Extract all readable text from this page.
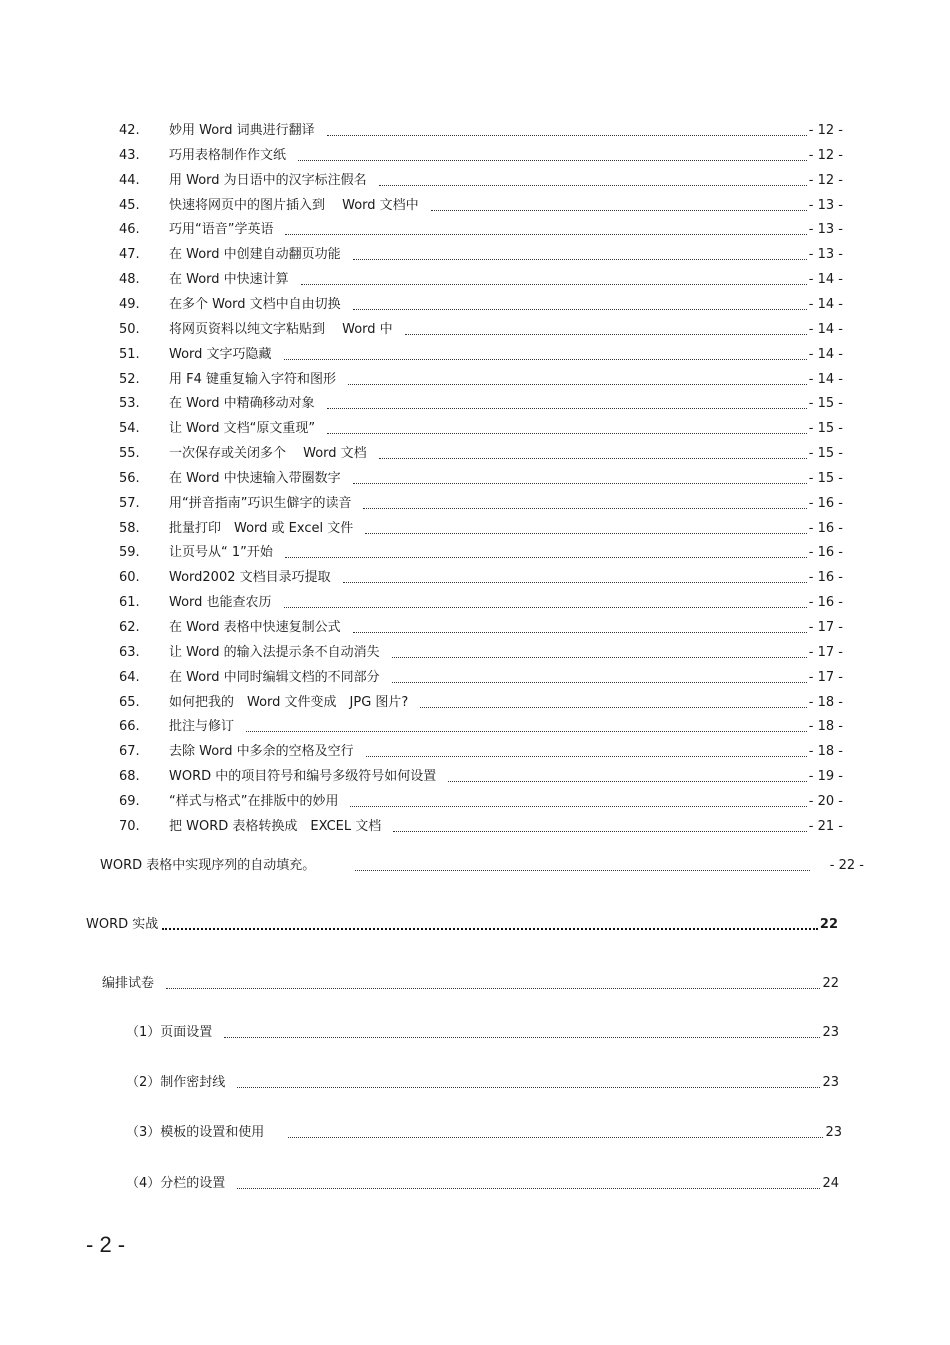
42.	妙用 Word 词典进行翻译	- 12 -
43.	巧用表格制作作文纸	- 12 -
44.	用 Word 为日语中的汉字标注假名	- 12 -
45.	快速将网页中的图片插入到　 Word 文档中	- 13 -
46.	巧用“语音”学英语	- 13 -
47.	在 Word 中创建自动翻页功能	- 13 -
48.	在 Word 中快速计算	- 14 -
49.	在多个 Word 文档中自由切换	- 14 -
50.	将网页资料以纯文字粘贴到　 Word 中	- 14 -
51.	Word 文字巧隐藏	- 14 -
52.	用 F4 键重复输入字符和图形	- 14 -
53.	在 Word 中精确移动对象	- 15 -
54.	让 Word 文档“原文重现”	- 15 -
55.	一次保存或关闭多个　 Word 文档	- 15 -
56.	在 Word 中快速输入带圈数字	- 15 -
57.	用“拼音指南”巧识生僻字的读音	- 16 -
58.	批量打印　Word 或 Excel 文件	- 16 -
59.	让页号从“ 1”开始	- 16 -
60.	Word2002 文档目录巧提取	- 16 -
61.	Word 也能查农历	- 16 -
62.	在 Word 表格中快速复制公式	- 17 -
63.	让 Word 的输入法提示条不自动消失	- 17 -
64.	在 Word 中同时编辑文档的不同部分	- 17 -
65.	如何把我的　Word 文件变成　JPG 图片?	- 18 -
66.	批注与修订	- 18 -
67.	去除 Word 中多余的空格及空行	- 18 -
68.	WORD 中的项目符号和编号多级符号如何设置	- 19 -
69.	“样式与格式”在排版中的妙用	- 20 -
70.	把 WORD 表格转换成　EXCEL 文档	- 21 -
WORD 表格中实现序列的自动填充。	- 22 -
WORD 实战	22
编排试卷	22
（1）页面设置	23
（2）制作密封线	23
（3）模板的设置和使用	23
（4）分栏的设置	24
- 2 -
